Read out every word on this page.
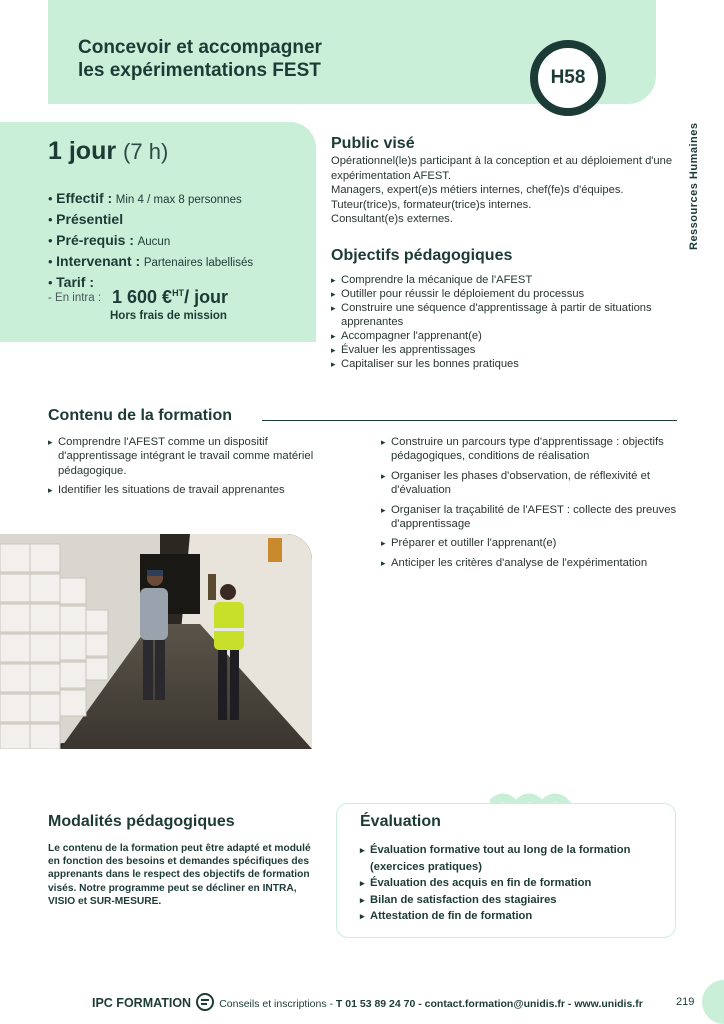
Concevoir et accompagner
les expérimentations FEST	H58
Ressources Humaines
1 jour (7 h)
• Effectif : Min 4 / max 8 personnes
• Présentiel
• Pré-requis : Aucun
• Intervenant : Partenaires labellisés
• Tarif :
- En intra : 1 600 €$^{HT}$/ jour
Hors frais de mission
Public visé
Opérationnel(le)s participant à la conception et au déploiement d'une expérimentation AFEST.
Managers, expert(e)s métiers internes, chef(fe)s d'équipes.
Tuteur(trice)s, formateur(trice)s internes.
Consultant(e)s externes.
Objectifs pédagogiques
▸ Comprendre la mécanique de l'AFEST
▸ Outiller pour réussir le déploiement du processus
▸ Construire une séquence d'apprentissage à partir de situations apprenantes
▸ Accompagner l'apprenant(e)
▸ Évaluer les apprentissages
▸ Capitaliser sur les bonnes pratiques
Contenu de la formation
▸ Comprendre l'AFEST comme un dispositif d'apprentissage intégrant le travail comme matériel pédagogique.
▸ Identifier les situations de travail apprenantes
▸ Construire un parcours type d'apprentissage : objectifs pédagogiques, conditions de réalisation
▸ Organiser les phases d'observation, de réflexivité et d'évaluation
▸ Organiser la traçabilité de l'AFEST : collecte des preuves d'apprentissage
▸ Préparer et outiller l'apprenant(e)
▸ Anticiper les critères d'analyse de l'expérimentation
Modalités pédagogiques
Le contenu de la formation peut être adapté et modulé en fonction des besoins et demandes spécifiques des apprenants dans le respect des objectifs de formation visés. Notre programme peut se décliner en INTRA, VISIO et SUR-MESURE.
Évaluation
▸ Évaluation formative tout au long de la formation (exercices pratiques)
▸ Évaluation des acquis en fin de formation
▸ Bilan de satisfaction des stagiaires
▸ Attestation de fin de formation
IPC FORMATION	Conseils et inscriptions - T 01 53 89 24 70 - contact.formation@unidis.fr - www.unidis.fr	219
